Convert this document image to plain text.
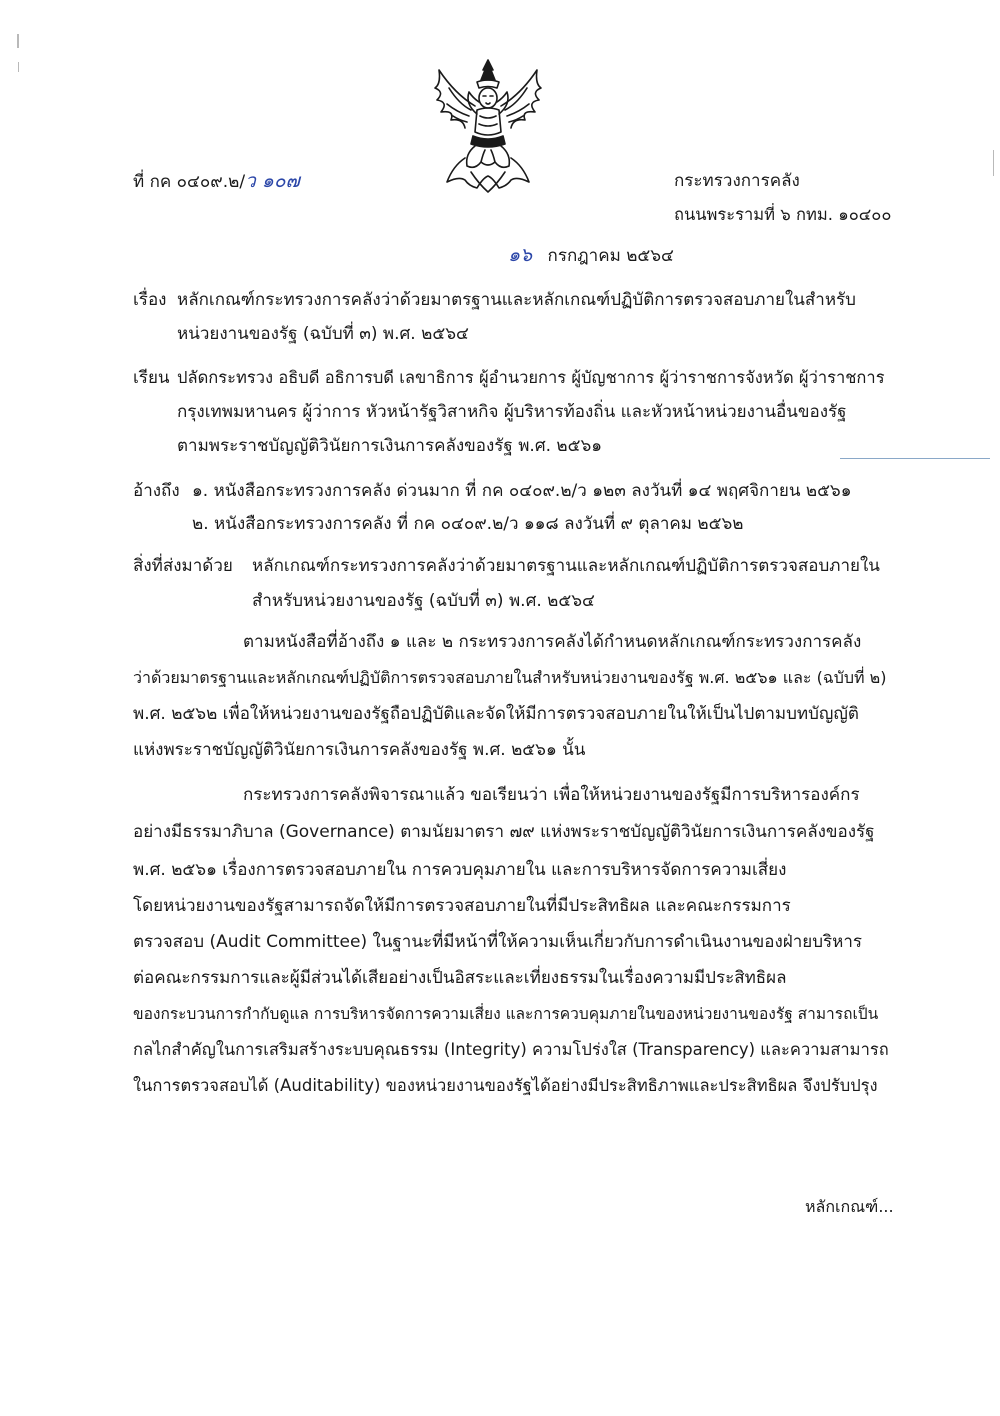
ที่ กค ๐๔๐๙.๒/ว ๑๐๗	กระทรวงการคลัง
ถนนพระรามที่ ๖ กทม. ๑๐๔๐๐
๑๖ กรกฎาคม ๒๕๖๔
เรื่อง หลักเกณฑ์กระทรวงการคลังว่าด้วยมาตรฐานและหลักเกณฑ์ปฏิบัติการตรวจสอบภายในสำหรับ
หน่วยงานของรัฐ (ฉบับที่ ๓) พ.ศ. ๒๕๖๔
เรียน ปลัดกระทรวง อธิบดี อธิการบดี เลขาธิการ ผู้อำนวยการ ผู้บัญชาการ ผู้ว่าราชการจังหวัด ผู้ว่าราชการ
กรุงเทพมหานคร ผู้ว่าการ หัวหน้ารัฐวิสาหกิจ ผู้บริหารท้องถิ่น และหัวหน้าหน่วยงานอื่นของรัฐ
ตามพระราชบัญญัติวินัยการเงินการคลังของรัฐ พ.ศ. ๒๕๖๑
อ้างถึง ๑. หนังสือกระทรวงการคลัง ด่วนมาก ที่ กค ๐๔๐๙.๒/ว ๑๒๓ ลงวันที่ ๑๔ พฤศจิกายน ๒๕๖๑
๒. หนังสือกระทรวงการคลัง ที่ กค ๐๔๐๙.๒/ว ๑๑๘ ลงวันที่ ๙ ตุลาคม ๒๕๖๒
สิ่งที่ส่งมาด้วย หลักเกณฑ์กระทรวงการคลังว่าด้วยมาตรฐานและหลักเกณฑ์ปฏิบัติการตรวจสอบภายใน
สำหรับหน่วยงานของรัฐ (ฉบับที่ ๓) พ.ศ. ๒๕๖๔
ตามหนังสือที่อ้างถึง ๑ และ ๒ กระทรวงการคลังได้กำหนดหลักเกณฑ์กระทรวงการคลัง
ว่าด้วยมาตรฐานและหลักเกณฑ์ปฏิบัติการตรวจสอบภายในสำหรับหน่วยงานของรัฐ พ.ศ. ๒๕๖๑ และ (ฉบับที่ ๒)
พ.ศ. ๒๕๖๒ เพื่อให้หน่วยงานของรัฐถือปฏิบัติและจัดให้มีการตรวจสอบภายในให้เป็นไปตามบทบัญญัติ
แห่งพระราชบัญญัติวินัยการเงินการคลังของรัฐ พ.ศ. ๒๕๖๑ นั้น
กระทรวงการคลังพิจารณาแล้ว ขอเรียนว่า เพื่อให้หน่วยงานของรัฐมีการบริหารองค์กร
อย่างมีธรรมาภิบาล (Governance) ตามนัยมาตรา ๗๙ แห่งพระราชบัญญัติวินัยการเงินการคลังของรัฐ
พ.ศ. ๒๕๖๑ เรื่องการตรวจสอบภายใน การควบคุมภายใน และการบริหารจัดการความเสี่ยง
โดยหน่วยงานของรัฐสามารถจัดให้มีการตรวจสอบภายในที่มีประสิทธิผล และคณะกรรมการ
ตรวจสอบ (Audit Committee) ในฐานะที่มีหน้าที่ให้ความเห็นเกี่ยวกับการดำเนินงานของฝ่ายบริหาร
ต่อคณะกรรมการและผู้มีส่วนได้เสียอย่างเป็นอิสระและเที่ยงธรรมในเรื่องความมีประสิทธิผล
ของกระบวนการกำกับดูแล การบริหารจัดการความเสี่ยง และการควบคุมภายในของหน่วยงานของรัฐ สามารถเป็น
กลไกสำคัญในการเสริมสร้างระบบคุณธรรม (Integrity) ความโปร่งใส (Transparency) และความสามารถ
ในการตรวจสอบได้ (Auditability) ของหน่วยงานของรัฐได้อย่างมีประสิทธิภาพและประสิทธิผล จึงปรับปรุง
หลักเกณฑ์...
